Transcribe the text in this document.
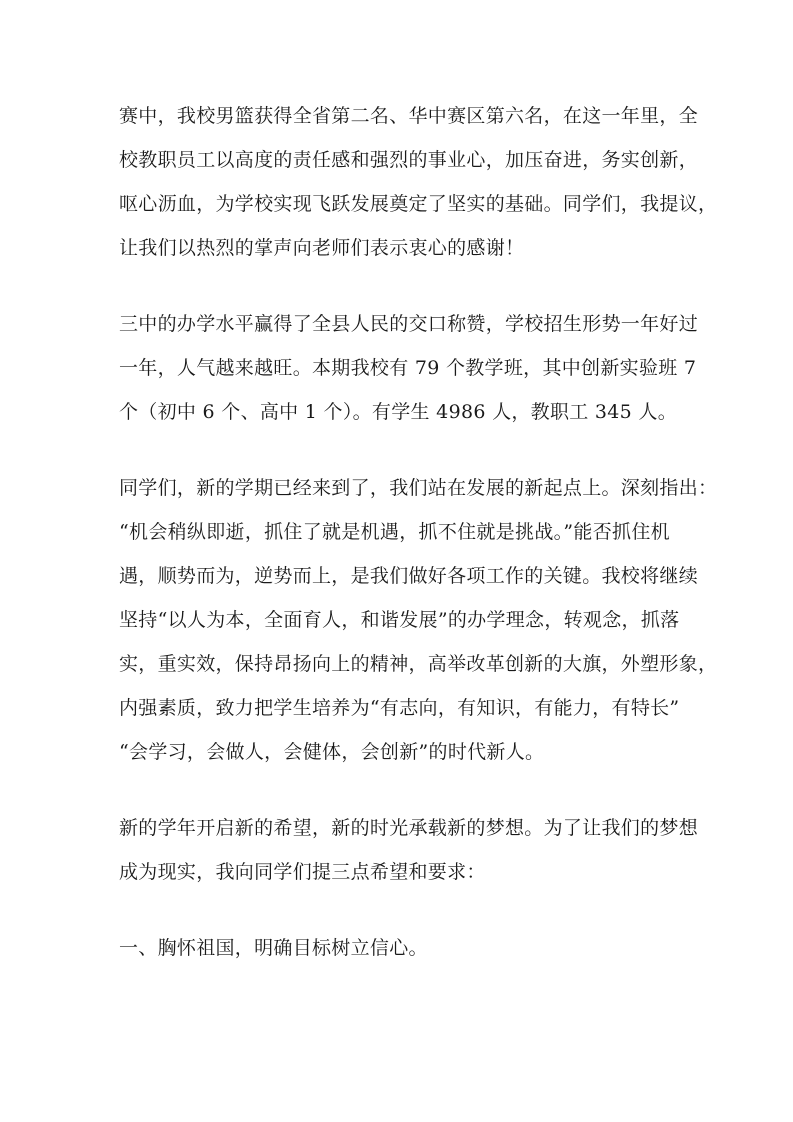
赛中，我校男篮获得全省第二名、华中赛区第六名，在这一年里，全
校教职员工以高度的责任感和强烈的事业心，加压奋进，务实创新，
呕心沥血，为学校实现飞跃发展奠定了坚实的基础。同学们，我提议，
让我们以热烈的掌声向老师们表示衷心的感谢！
三中的办学水平赢得了全县人民的交口称赞，学校招生形势一年好过
一年，人气越来越旺。本期我校有 79 个教学班，其中创新实验班 7
个（初中 6 个、高中 1 个）。有学生 4986 人，教职工 345 人。
同学们，新的学期已经来到了，我们站在发展的新起点上。深刻指出：
“机会稍纵即逝，抓住了就是机遇，抓不住就是挑战。”能否抓住机
遇，顺势而为，逆势而上，是我们做好各项工作的关键。我校将继续
坚持“以人为本，全面育人，和谐发展”的办学理念，转观念，抓落
实，重实效，保持昂扬向上的精神，高举改革创新的大旗，外塑形象，
内强素质，致力把学生培养为“有志向，有知识，有能力，有特长”
“会学习，会做人，会健体，会创新”的时代新人。
新的学年开启新的希望，新的时光承载新的梦想。为了让我们的梦想
成为现实，我向同学们提三点希望和要求：
一、胸怀祖国，明确目标树立信心。
